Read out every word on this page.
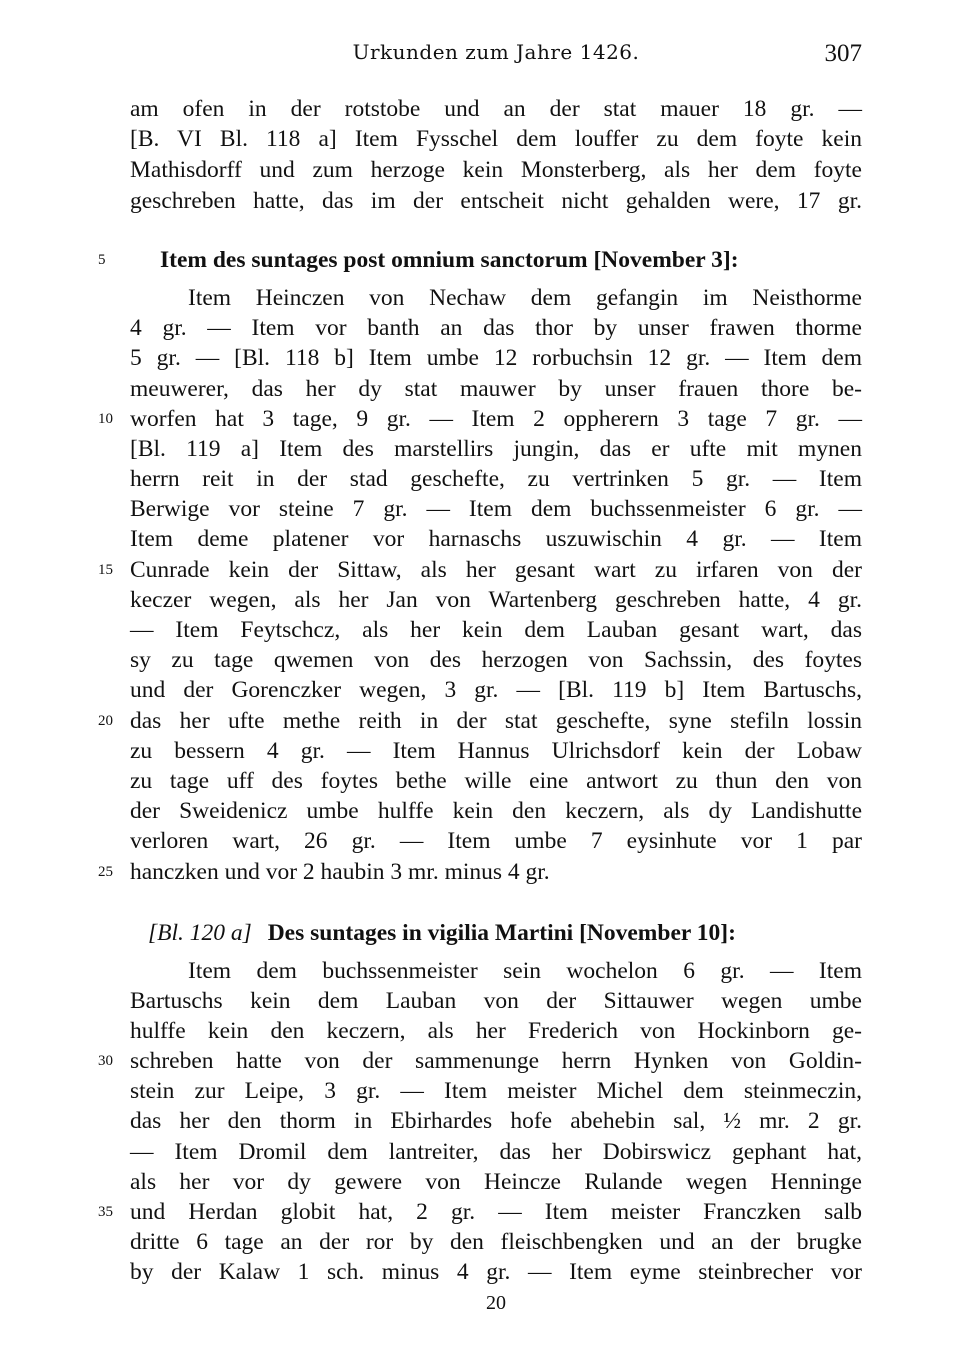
Urkunden zum Jahre 1426.	307
am ofen in der rotstobe und an der stat mauer 18 gr. —
[B. VI Bl. 118 a] Item Fysschel dem louffer zu dem foyte kein
Mathisdorff und zum herzoge kein Monsterberg, als her dem foyte
geschreben hatte, das im der entscheit nicht gehalden were, 17 gr.
5	Item des suntages post omnium sanctorum [November 3]:
Item Heinczen von Nechaw dem gefangin im Neisthorme
4 gr. — Item vor banth an das thor by unser frawen thorme
5 gr. — [Bl. 118 b] Item umbe 12 rorbuchsin 12 gr. — Item dem
meuwerer, das her dy stat mauwer by unser frauen thore be-
10 worfen hat 3 tage, 9 gr. — Item 2 oppherern 3 tage 7 gr. —
[Bl. 119 a] Item des marstellirs jungin, das er ufte mit mynen
herrn reit in der stad geschefte, zu vertrinken 5 gr. — Item
Berwige vor steine 7 gr. — Item dem buchssenmeister 6 gr. —
Item deme platener vor harnaschs uszuwischin 4 gr. — Item
15 Cunrade kein der Sittaw, als her gesant wart zu irfaren von der
keczer wegen, als her Jan von Wartenberg geschreben hatte, 4 gr.
— Item Feytschcz, als her kein dem Lauban gesant wart, das
sy zu tage qwemen von des herzogen von Sachssin, des foytes
und der Gorenczker wegen, 3 gr. — [Bl. 119 b] Item Bartuschs,
20 das her ufte methe reith in der stat geschefte, syne stefiln lossin
zu bessern 4 gr. — Item Hannus Ulrichsdorf kein der Lobaw
zu tage uff des foytes bethe wille eine antwort zu thun den von
der Sweidenicz umbe hulffe kein den keczern, als dy Landishutte
verloren wart, 26 gr. — Item umbe 7 eysinhute vor 1 par
25 hanczken und vor 2 haubin 3 mr. minus 4 gr.
[Bl. 120 a] Des suntages in vigilia Martini [November 10]:
Item dem buchssenmeister sein wochelon 6 gr. — Item
Bartuschs kein dem Lauban von der Sittauwer wegen umbe
hulffe kein den keczern, als her Frederich von Hockinborn ge-
30 schreben hatte von der sammenunge herrn Hynken von Goldin-
stein zur Leipe, 3 gr. — Item meister Michel dem steinmeczin,
das her den thorm in Ebirhardes hofe abehebin sal, ½ mr. 2 gr.
— Item Dromil dem lantreiter, das her Dobirswicz gephant hat,
als her vor dy gewere von Heincze Rulande wegen Henninge
35 und Herdan globit hat, 2 gr. — Item meister Franczken salb
dritte 6 tage an der ror by den fleischbengken und an der brugke
by der Kalaw 1 sch. minus 4 gr. — Item eyme steinbrecher vor
20
